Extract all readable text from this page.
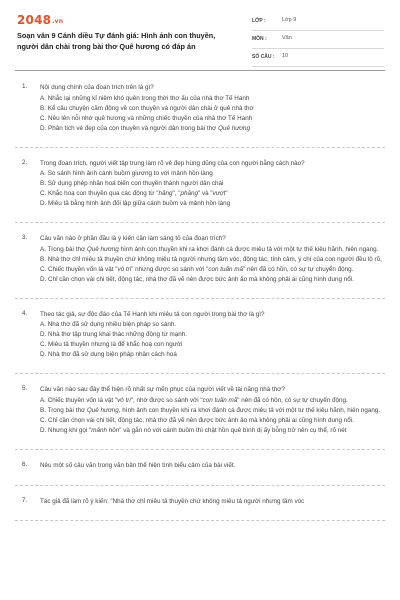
2048.vn
Soạn văn 9 Cánh diều Tự đánh giá: Hình ảnh con thuyền, người dân chài trong bài thơ Quê hương có đáp án
LỚP :	Lớp 9
MÔN :	Văn
SỐ CÂU : 10
1. Nội dung chính của đoạn trích trên là gì?
A. Nhắc lại những kỉ niệm khó quên trong thời thơ ấu của nhà thơ Tế Hanh
B. Kể câu chuyện căm động về con thuyền và người dân chài ở quê nhà thơ
C. Nêu lên nỗi nhớ quê hương và những chiếc thuyền của nhà thơ Tế Hanh
D. Phân tích vẻ đẹp của con thuyền và người dân trong bài thơ Quê hương
2. Trong đoạn trích, người viết tập trung làm rõ vẻ đẹp hùng dũng của con người bằng cách nào?
A. So sánh hình ảnh cánh buồm giương to với mảnh hồn làng
B. Sử dụng phép nhân hoá biến con thuyền thành người dân chài
C. Khắc hoạ con thuyền qua các động từ "hăng", "phăng" và "vượt"
D. Miêu tả bằng hình ảnh đối lập giữa cánh buồm và mảnh hồn làng
3. Câu văn nào ở phần đầu là ý kiến cần làm sáng tỏ của đoạn trích?
A. Trong bài thơ Quê hương hình ảnh con thuyền khi ra khơi đánh cá được miêu tả với một tư thế kiêu hãnh, hiên ngang.
B. Nhà thơ chỉ miêu tả thuyền chứ không miêu tả người nhưng tầm vóc, động tác, tính cảm, ý chí của con người đều lộ rõ,
C. Chiếc thuyền vốn là vật "vô tri" nhưng được so sánh với "con tuấn mã" nên đã có hồn, có sự tự chuyển động.
D. Chỉ cần chọn vài chi tiết, động tác, nhà thơ đã vẽ nên được bức ảnh ảo mà không phải ai cũng hình dung nổi.
4. Theo tác giả, sự độc đáo của Tế Hanh khi miêu tả con người trong bài thơ là gì?
A. Nhà thơ đã sử dụng nhiều biện pháp so sánh.
D. Nhà thơ tập trung khai thác những động từ mạnh.
C. Miêu tả thuyền nhưng là để khắc hoạ con người
D. Nhà thơ đã sử dụng biện pháp nhân cách hoá
5. Câu văn nào sau đây thể hiện rõ nhất sự mến phục của người viết về tài năng nhà thơ?
A. Chiếc thuyền vốn là vật "vô tri", nhờ được so sánh với "con tuấn mã" nên đã có hồn, có sự tự chuyển động.
B. Trong bài thơ Quê hương, hình ảnh con thuyền khi ra khơi đánh cá được miêu tả với một tư thế kiêu hãnh, hiên ngang.
C. Chỉ cần chọn vài chi tiết, động tác, nhà thơ đã vẽ nên được bức ảnh ảo mà không phải ai cũng hình dung nổi.
D. Nhưng khi gọi "mảnh hồn" và gắn nó với cánh buồm thì chật hồn quê bình dị ấy bỗng trở nên cụ thể, rõ nét
6. Nêu một số câu văn trong văn bản thể hiện tình biểu cảm của bài viết.
7. Tác giả đã làm rõ ý kiến: "Nhà thơ chỉ miêu tả thuyền chứ không miêu tả người nhưng tầm vóc
